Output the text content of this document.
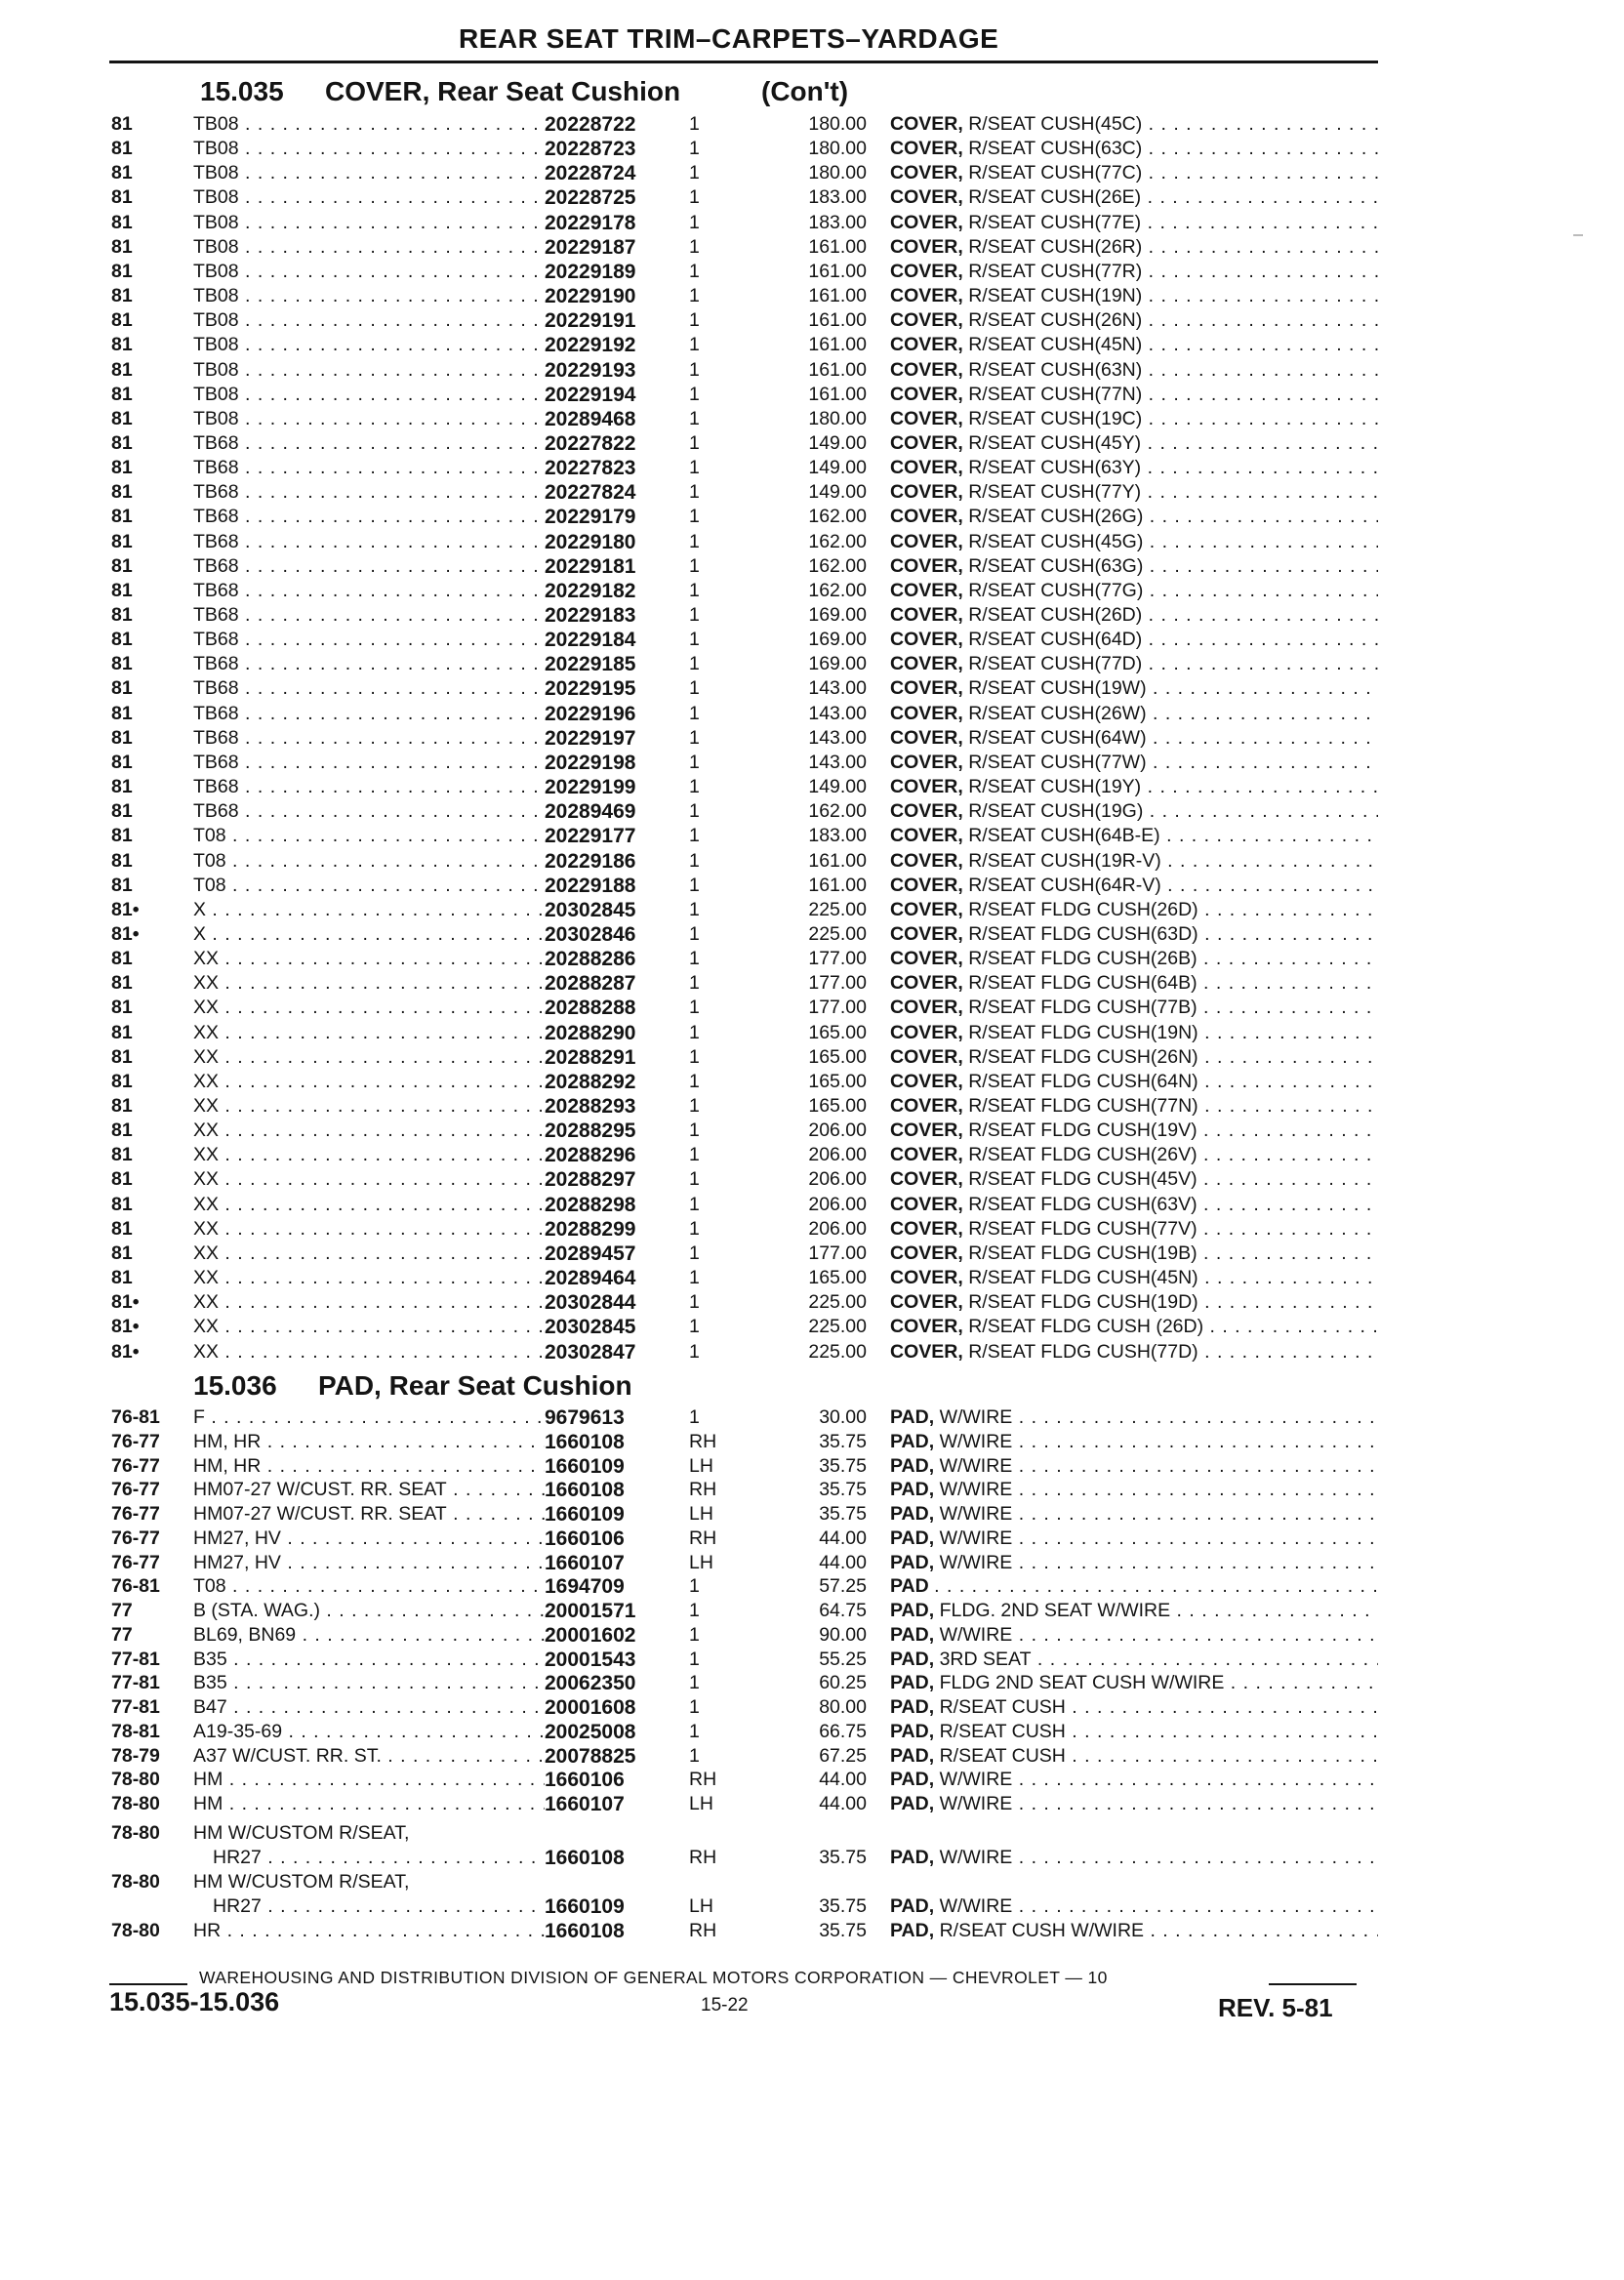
REAR SEAT TRIM–CARPETS–YARDAGE
15.035 COVER, Rear Seat Cushion	(Con't)
81	TB08 . . .	20228722	1	180.00 COVER, R/SEAT CUSH(45C) . . .
81	TB08 . . .	20228723	1	180.00 COVER, R/SEAT CUSH(63C) . . .
81	TB08 . . .	20228724	1	180.00 COVER, R/SEAT CUSH(77C) . . .
81	TB08 . . .	20228725	1	183.00 COVER, R/SEAT CUSH(26E) . . .
81	TB08 . . .	20229178	1	183.00 COVER, R/SEAT CUSH(77E) . . .
81	TB08 . . .	20229187	1	161.00 COVER, R/SEAT CUSH(26R) . . .
81	TB08 . . .	20229189	1	161.00 COVER, R/SEAT CUSH(77R) . . .
81	TB08 . . .	20229190	1	161.00 COVER, R/SEAT CUSH(19N) . . .
81	TB08 . . .	20229191	1	161.00 COVER, R/SEAT CUSH(26N) . . .
81	TB08 . . .	20229192	1	161.00 COVER, R/SEAT CUSH(45N) . . .
81	TB08 . . .	20229193	1	161.00 COVER, R/SEAT CUSH(63N) . . .
81	TB08 . . .	20229194	1	161.00 COVER, R/SEAT CUSH(77N) . . .
81	TB08 . . .	20289468	1	180.00 COVER, R/SEAT CUSH(19C) . . .
81	TB68 . . .	20227822	1	149.00 COVER, R/SEAT CUSH(45Y) . . .
81	TB68 . . .	20227823	1	149.00 COVER, R/SEAT CUSH(63Y) . . .
81	TB68 . . .	20227824	1	149.00 COVER, R/SEAT CUSH(77Y) . . .
81	TB68 . . .	20229179	1	162.00 COVER, R/SEAT CUSH(26G) . . .
81	TB68 . . .	20229180	1	162.00 COVER, R/SEAT CUSH(45G) . . .
81	TB68 . . .	20229181	1	162.00 COVER, R/SEAT CUSH(63G) . . .
81	TB68 . . .	20229182	1	162.00 COVER, R/SEAT CUSH(77G) . . .
81	TB68 . . .	20229183	1	169.00 COVER, R/SEAT CUSH(26D) . . .
81	TB68 . . .	20229184	1	169.00 COVER, R/SEAT CUSH(64D) . . .
81	TB68 . . .	20229185	1	169.00 COVER, R/SEAT CUSH(77D) . . .
81	TB68 . . .	20229195	1	143.00 COVER, R/SEAT CUSH(19W) . . .
81	TB68 . . .	20229196	1	143.00 COVER, R/SEAT CUSH(26W) . . .
81	TB68 . . .	20229197	1	143.00 COVER, R/SEAT CUSH(64W) . . .
81	TB68 . . .	20229198	1	143.00 COVER, R/SEAT CUSH(77W) . . .
81	TB68 . . .	20229199	1	149.00 COVER, R/SEAT CUSH(19Y) . . .
81	TB68 . . .	20289469	1	162.00 COVER, R/SEAT CUSH(19G) . . .
81	T08 . . .	20229177	1	183.00 COVER, R/SEAT CUSH(64B-E) . . .
81	T08 . . .	20229186	1	161.00 COVER, R/SEAT CUSH(19R-V) . . .
81	T08 . . .	20229188	1	161.00 COVER, R/SEAT CUSH(64R-V) . . .
81•	X . . .	20302845	1	225.00 COVER, R/SEAT FLDG CUSH(26D) . . .
81•	X . . .	20302846	1	225.00 COVER, R/SEAT FLDG CUSH(63D) . . .
81	XX . . .	20288286	1	177.00 COVER, R/SEAT FLDG CUSH(26B) . . .
81	XX . . .	20288287	1	177.00 COVER, R/SEAT FLDG CUSH(64B) . . .
81	XX . . .	20288288	1	177.00 COVER, R/SEAT FLDG CUSH(77B) . . .
81	XX . . .	20288290	1	165.00 COVER, R/SEAT FLDG CUSH(19N) . . .
81	XX . . .	20288291	1	165.00 COVER, R/SEAT FLDG CUSH(26N) . . .
81	XX . . .	20288292	1	165.00 COVER, R/SEAT FLDG CUSH(64N) . . .
81	XX . . .	20288293	1	165.00 COVER, R/SEAT FLDG CUSH(77N) . . .
81	XX . . .	20288295	1	206.00 COVER, R/SEAT FLDG CUSH(19V) . . .
81	XX . . .	20288296	1	206.00 COVER, R/SEAT FLDG CUSH(26V) . . .
81	XX . . .	20288297	1	206.00 COVER, R/SEAT FLDG CUSH(45V) . . .
81	XX . . .	20288298	1	206.00 COVER, R/SEAT FLDG CUSH(63V) . . .
81	XX . . .	20288299	1	206.00 COVER, R/SEAT FLDG CUSH(77V) . . .
81	XX . . .	20289457	1	177.00 COVER, R/SEAT FLDG CUSH(19B) . . .
81	XX . . .	20289464	1	165.00 COVER, R/SEAT FLDG CUSH(45N) . . .
81•	XX . . .	20302844	1	225.00 COVER, R/SEAT FLDG CUSH(19D) . . .
81•	XX . . .	20302845	1	225.00 COVER, R/SEAT FLDG CUSH (26D) . . .
81•	XX . . .	20302847	1	225.00 COVER, R/SEAT FLDG CUSH(77D) . . .
15.036 PAD, Rear Seat Cushion
76-81	F . . .	9679613	1	30.00 PAD, W/WIRE . . .
76-77	HM, HR . . .	1660108	RH	35.75 PAD, W/WIRE . . .
76-77	HM, HR . . .	1660109	LH	35.75 PAD, W/WIRE . . .
76-77	HM07-27 W/CUST. RR. SEAT . . .	1660108	RH	35.75 PAD, W/WIRE . . .
76-77	HM07-27 W/CUST. RR. SEAT . . .	1660109	LH	35.75 PAD, W/WIRE . . .
76-77	HM27, HV . . .	1660106	RH	44.00 PAD, W/WIRE . . .
76-77	HM27, HV . . .	1660107	LH	44.00 PAD, W/WIRE . . .
76-81	T08 . . .	1694709	1	57.25 PAD . . .
77	B (STA. WAG.) . . .	20001571	1	64.75 PAD, FLDG. 2ND SEAT W/WIRE . . .
77	BL69, BN69 . . .	20001602	1	90.00 PAD, W/WIRE . . .
77-81	B35 . . .	20001543	1	55.25 PAD, 3RD SEAT . . .
77-81	B35 . . .	20062350	1	60.25 PAD, FLDG 2ND SEAT CUSH W/WIRE . . .
77-81	B47 . . .	20001608	1	80.00 PAD, R/SEAT CUSH . . .
78-81	A19-35-69 . . .	20025008	1	66.75 PAD, R/SEAT CUSH . . .
78-79	A37 W/CUST. RR. ST. . . .	20078825	1	67.25 PAD, R/SEAT CUSH . . .
78-80	HM . . .	1660106	RH	44.00 PAD, W/WIRE . . .
78-80	HM . . .	1660107	LH	44.00 PAD, W/WIRE . . .
78-80 HM W/CUSTOM R/SEAT,
HR27 . . .	1660108	RH	35.75 PAD, W/WIRE . . .
78-80 HM W/CUSTOM R/SEAT,
HR27 . . .	1660109	LH	35.75 PAD, W/WIRE . . .
78-80	HR . . .	1660108	RH	35.75 PAD, R/SEAT CUSH W/WIRE . . .
WAREHOUSING AND DISTRIBUTION DIVISION OF GENERAL MOTORS CORPORATION — CHEVROLET — 10
15.035-15.036	15-22	REV. 5-81
